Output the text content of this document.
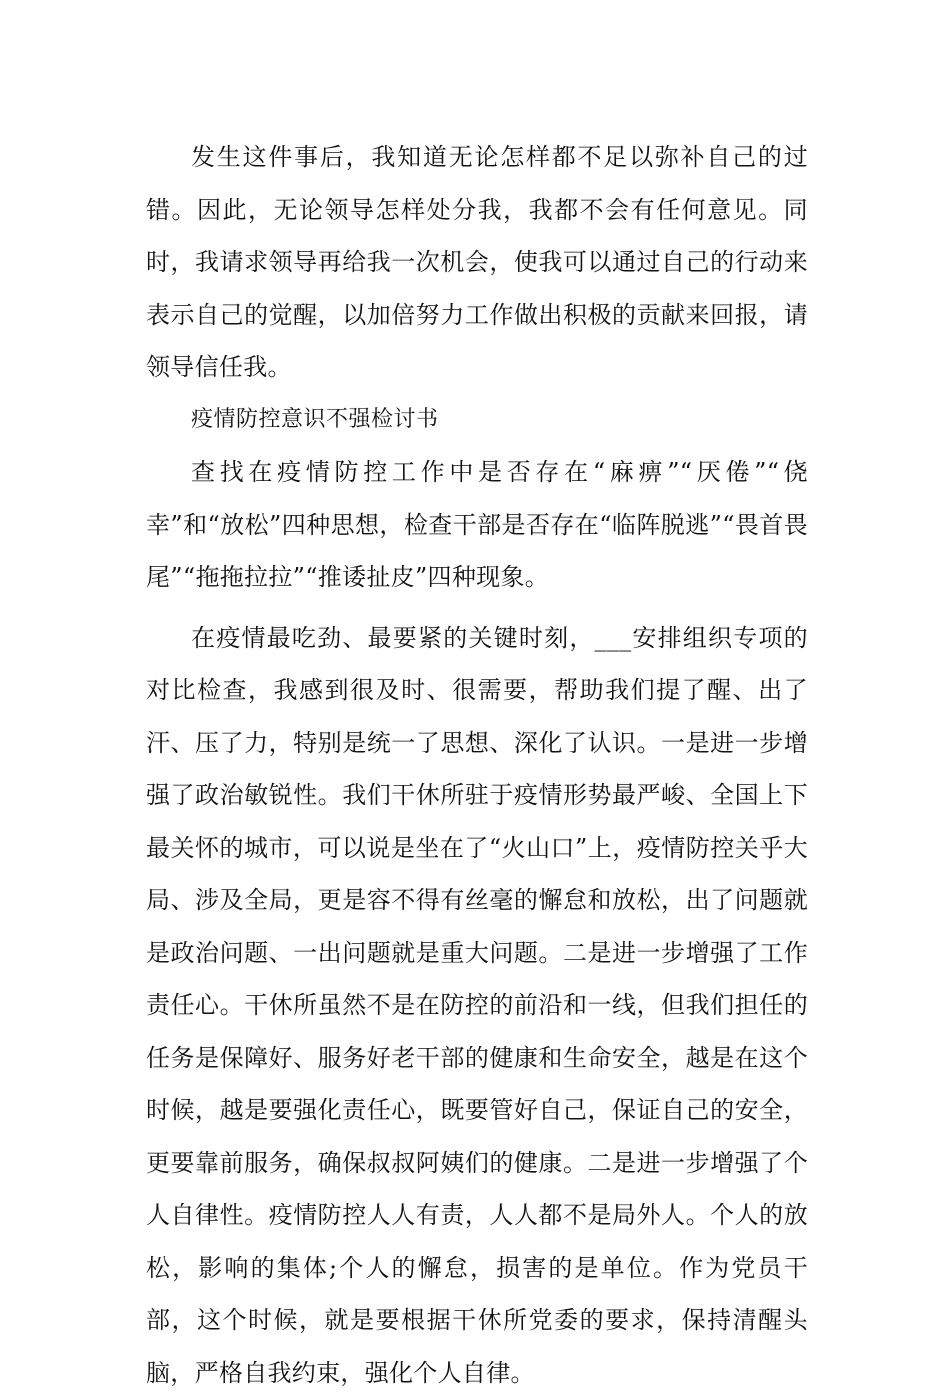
发生这件事后，我知道无论怎样都不足以弥补自己的过错。因此，无论领导怎样处分我，我都不会有任何意见。同时，我请求领导再给我一次机会，使我可以通过自己的行动来表示自己的觉醒，以加倍努力工作做出积极的贡献来回报，请领导信任我。

疫情防控意识不强检讨书

查找在疫情防控工作中是否存在“麻痹”“厌倦”“侥幸”和“放松”四种思想，检查干部是否存在“临阵脱逃”“畏首畏尾”“拖拖拉拉”“推诿扯皮”四种现象。

在疫情最吃劲、最要紧的关键时刻，___安排组织专项的对比检查，我感到很及时、很需要，帮助我们提了醒、出了汗、压了力，特别是统一了思想、深化了认识。一是进一步增强了政治敏锐性。我们干休所驻于疫情形势最严峻、全国上下最关怀的城市，可以说是坐在了“火山口”上，疫情防控关乎大局、涉及全局，更是容不得有丝毫的懈怠和放松，出了问题就是政治问题、一出问题就是重大问题。二是进一步增强了工作责任心。干休所虽然不是在防控的前沿和一线，但我们担任的任务是保障好、服务好老干部的健康和生命安全，越是在这个时候，越是要强化责任心，既要管好自己，保证自己的安全，更要靠前服务，确保叔叔阿姨们的健康。二是进一步增强了个人自律性。疫情防控人人有责，人人都不是局外人。个人的放松，影响的集体;个人的懈怠，损害的是单位。作为党员干部，这个时候，就是要根据干休所党委的要求，保持清醒头脑，严格自我约束，强化个人自律。
